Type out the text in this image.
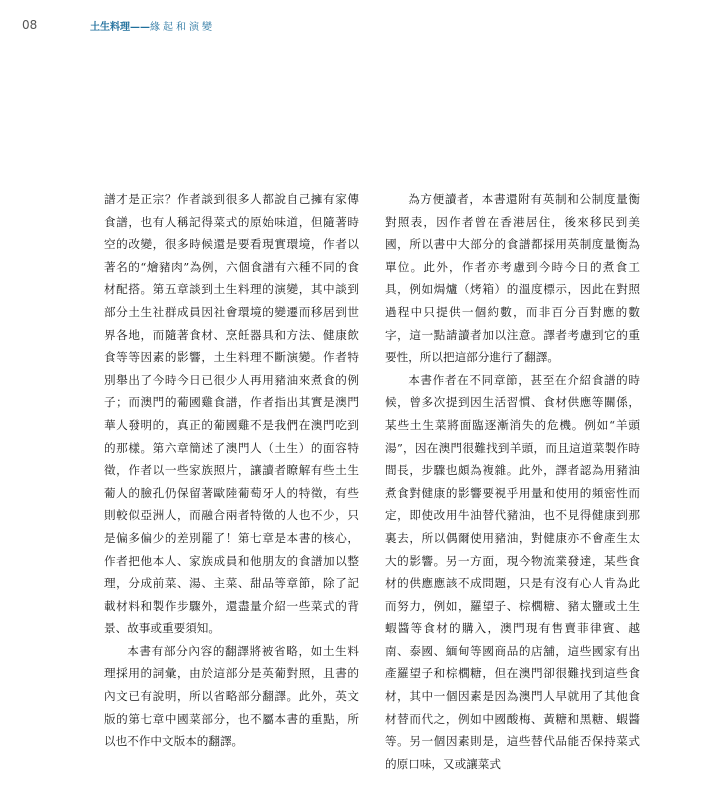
08	土生料理——緣起和演變

譜才是正宗？作者談到很多人都說自己擁有家傳食譜，也有人稱記得菜式的原始味道，但隨著時空的改變，很多時候還是要看現實環境，作者以著名的“燴豬肉”為例，六個食譜有六種不同的食材配搭。第五章談到土生料理的演變，其中談到部分土生社群成員因社會環境的變遷而移居到世界各地，而隨著食材、烹飪器具和方法、健康飲食等等因素的影響，土生料理不斷演變。作者特別舉出了今時今日已很少人再用豬油來煮食的例子；而澳門的葡國雞食譜，作者指出其實是澳門華人發明的，真正的葡國雞不是我們在澳門吃到的那樣。第六章簡述了澳門人（土生）的面容特徵，作者以一些家族照片，讓讀者瞭解有些土生葡人的臉孔仍保留著歐陸葡萄牙人的特徵，有些則較似亞洲人，而融合兩者特徵的人也不少，只是偏多偏少的差別罷了！第七章是本書的核心，作者把他本人、家族成員和他朋友的食譜加以整理，分成前菜、湯、主菜、甜品等章節，除了記載材料和製作步驟外，還盡量介紹一些菜式的背景、故事或重要須知。

本書有部分內容的翻譯將被省略，如土生料理採用的詞彙，由於這部分是英葡對照，且書的內文已有說明，所以省略部分翻譯。此外，英文版的第七章中國菜部分，也不屬本書的重點，所以也不作中文版本的翻譯。

為方便讀者，本書還附有英制和公制度量衡對照表，因作者曾在香港居住，後來移民到美國，所以書中大部分的食譜都採用英制度量衡為單位。此外，作者亦考慮到今時今日的煮食工具，例如焗爐（烤箱）的溫度標示，因此在對照過程中只提供一個約數，而非百分百對應的數字，這一點請讀者加以注意。譯者考慮到它的重要性，所以把這部分進行了翻譯。

本書作者在不同章節，甚至在介紹食譜的時候，曾多次提到因生活習慣、食材供應等關係，某些土生菜將面臨逐漸消失的危機。例如“羊頭湯”，因在澳門很難找到羊頭，而且這道菜製作時間長，步驟也頗為複雜。此外，譯者認為用豬油煮食對健康的影響要視乎用量和使用的頻密性而定，即使改用牛油替代豬油，也不見得健康到那裏去，所以偶爾使用豬油，對健康亦不會產生太大的影響。另一方面，現今物流業發達，某些食材的供應應該不成問題，只是有沒有心人肯為此而努力，例如，羅望子、棕櫚糖、豬太鹽或土生蝦醬等食材的購入，澳門現有售賣菲律賓、越南、泰國、緬甸等國商品的店舖，這些國家有出產羅望子和棕櫚糖，但在澳門卻很難找到這些食材，其中一個因素是因為澳門人早就用了其他食材替而代之，例如中國酸梅、黃糖和黑糖、蝦醬等。另一個因素則是，這些替代品能否保持菜式的原口味，又或讓菜式
